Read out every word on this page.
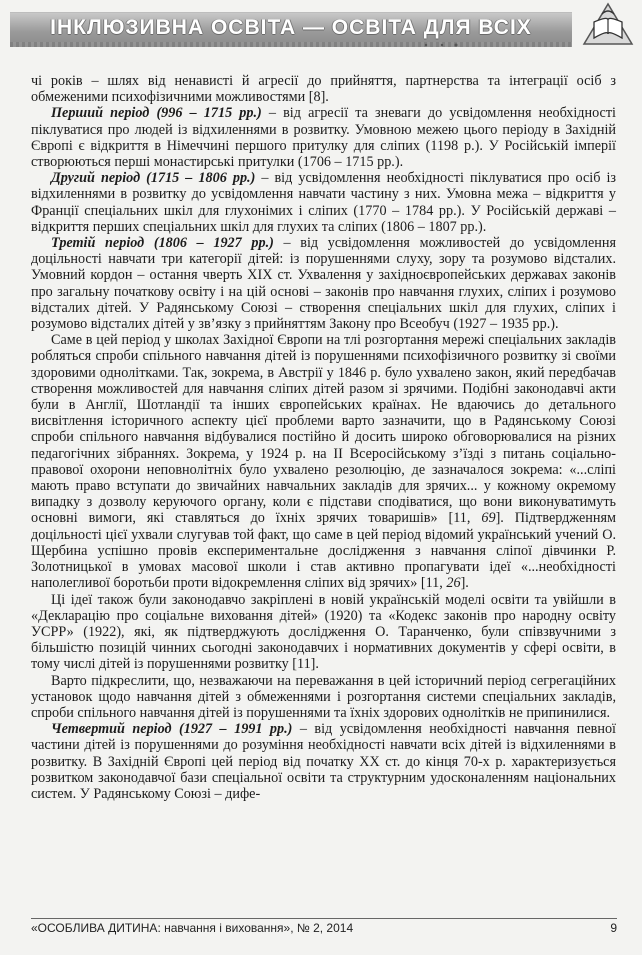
ІНКЛЮЗИВНА ОСВІТА — ОСВІТА ДЛЯ ВСІХ

чі років – шлях від ненависті й агресії до прийняття, партнерства та інтеграції осіб з обмеженими психофізичними можливостями [8].

Перший період (996 – 1715 рр.) – від агресії та зневаги до усвідомлення необхідності піклуватися про людей із відхиленнями в розвитку. Умовною межею цього періоду в Західній Європі є відкриття в Німеччині першого притулку для сліпих (1198 р.). У Російській імперії створюються перші монастирські притулки (1706 – 1715 рр.).

Другий період (1715 – 1806 рр.) – від усвідомлення необхідності піклуватися про осіб із відхиленнями в розвитку до усвідомлення навчати частину з них. Умовна межа – відкриття у Франції спеціальних шкіл для глухонімих і сліпих (1770 – 1784 рр.). У Російській державі – відкриття перших спеціальних шкіл для глухих та сліпих (1806 – 1807 рр.).

Третій період (1806 – 1927 рр.) – від усвідомлення можливостей до усвідомлення доцільності навчати три категорії дітей: із порушеннями слуху, зору та розумово відсталих. Умовний кордон – остання чверть XIX ст. Ухвалення у західноєвропейських державах законів про загальну початкову освіту і на цій основі – законів про навчання глухих, сліпих і розумово відсталих дітей. У Радянському Союзі – створення спеціальних шкіл для глухих, сліпих і розумово відсталих дітей у зв’язку з прийняттям Закону про Всеобуч (1927 – 1935 рр.).

Саме в цей період у школах Західної Європи на тлі розгортання мережі спеціальних закладів робляться спроби спільного навчання дітей із порушеннями психофізичного розвитку зі своїми здоровими однолітками. Так, зокрема, в Австрії у 1846 р. було ухвалено закон, який передбачав створення можливостей для навчання сліпих дітей разом зі зрячими. Подібні законодавчі акти були в Англії, Шотландії та інших європейських країнах. Не вдаючись до детального висвітлення історичного аспекту цієї проблеми варто зазначити, що в Радянському Союзі спроби спільного навчання відбувалися постійно й досить широко обговорювалися на різних педагогічних зібраннях. Зокрема, у 1924 р. на II Всеросійському з’їзді з питань соціально-правової охорони неповнолітніх було ухвалено резолюцію, де зазначалося зокрема: «...сліпі мають право вступати до звичайних навчальних закладів для зрячих... у кожному окремому випадку з дозволу керуючого органу, коли є підстави сподіватися, що вони виконуватимуть основні вимоги, які ставляться до їхніх зрячих товаришів» [11, 69]. Підтвердженням доцільності цієї ухвали слугував той факт, що саме в цей період відомий український учений О. Щербина успішно провів експериментальне дослідження з навчання сліпої дівчинки Р. Золотницької в умовах масової школи і став активно пропагувати ідеї «...необхідності наполегливої боротьби проти відокремлення сліпих від зрячих» [11, 26].

Ці ідеї також були законодавчо закріплені в новій українській моделі освіти та увійшли в «Декларацію про соціальне виховання дітей» (1920) та «Кодекс законів про народну освіту УСРР» (1922), які, як підтверджують дослідження О. Таранченко, були співзвучними з більшістю позицій чинних сьогодні законодавчих і нормативних документів у сфері освіти, в тому числі дітей із порушеннями розвитку [11].

Варто підкреслити, що, незважаючи на переважання в цей історичний період сегрегаційних установок щодо навчання дітей з обмеженнями і розгортання системи спеціальних закладів, спроби спільного навчання дітей із порушеннями та їхніх здорових однолітків не припинилися.

Четвертий період (1927 – 1991 рр.) – від усвідомлення необхідності навчання певної частини дітей із порушеннями до розуміння необхідності навчати всіх дітей із відхиленнями в розвитку. В Західній Європі цей період від початку XX ст. до кінця 70-х р. характеризується розвитком законодавчої бази спеціальної освіти та структурним удосконаленням національних систем. У Радянському Союзі – дифе-

«ОСОБЛИВА ДИТИНА: навчання і виховання», № 2, 2014	9
